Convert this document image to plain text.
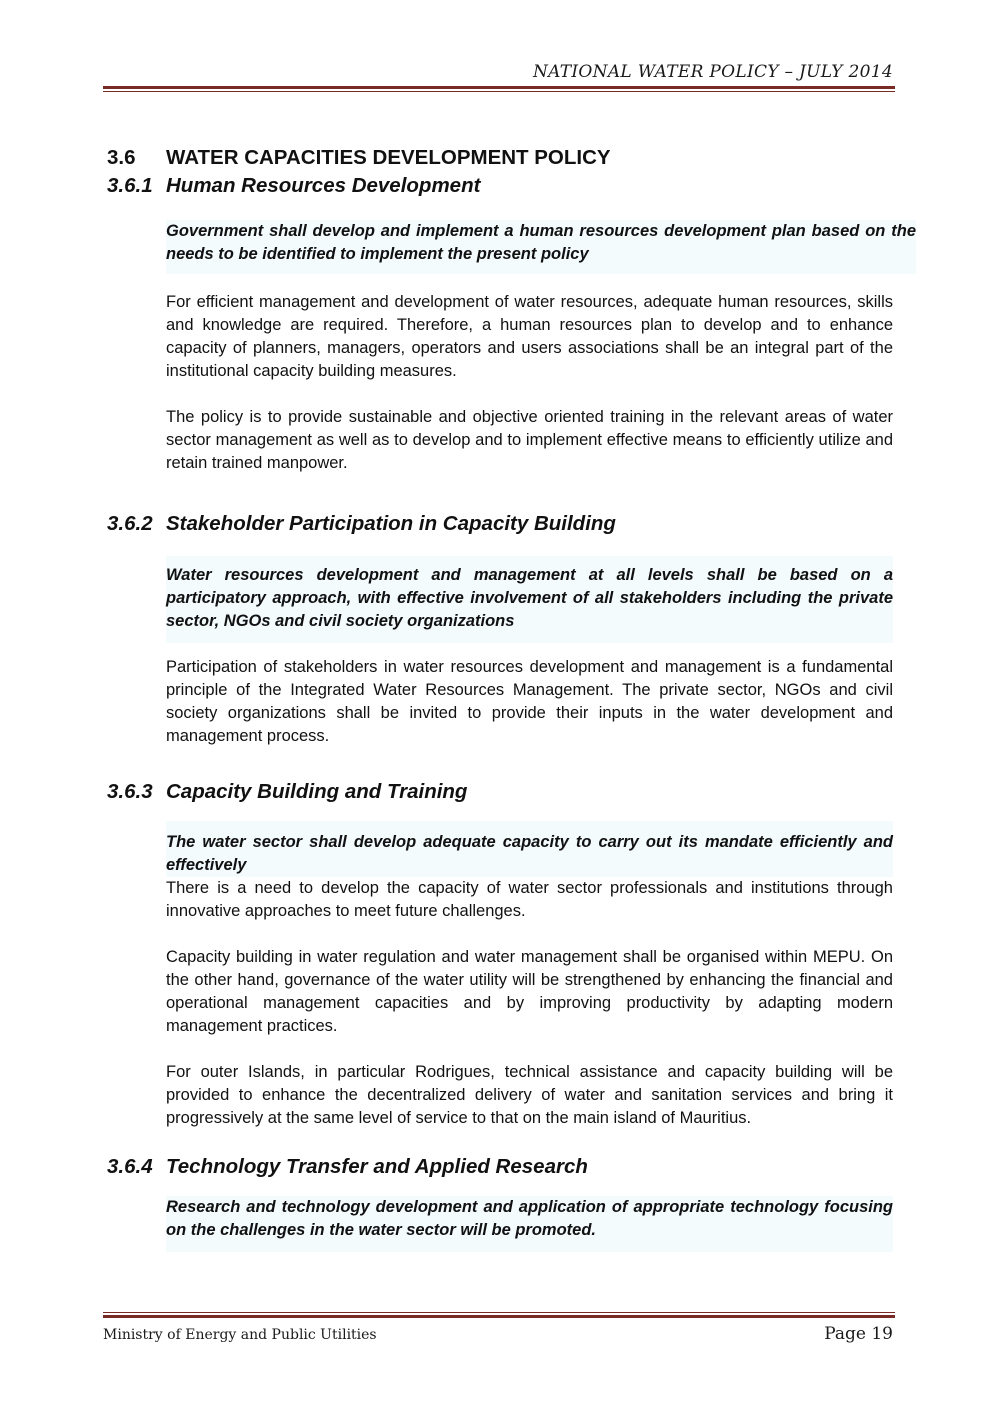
NATIONAL WATER POLICY – JULY 2014
3.6	WATER CAPACITIES DEVELOPMENT POLICY
3.6.1 Human Resources Development
Government shall develop and implement a human resources development plan based on the needs to be identified to implement the present policy

For efficient management and development of water resources, adequate human resources, skills and knowledge are required. Therefore, a human resources plan to develop and to enhance capacity of planners, managers, operators and users associations shall be an integral part of the institutional capacity building measures.

The policy is to provide sustainable and objective oriented training in the relevant areas of water sector management as well as to develop and to implement effective means to efficiently utilize and retain trained manpower.

3.6.2 Stakeholder Participation in Capacity Building
Water resources development and management at all levels shall be based on a participatory approach, with effective involvement of all stakeholders including the private sector, NGOs and civil society organizations

Participation of stakeholders in water resources development and management is a fundamental principle of the Integrated Water Resources Management. The private sector, NGOs and civil society organizations shall be invited to provide their inputs in the water development and management process.

3.6.3 Capacity Building and Training
The water sector shall develop adequate capacity to carry out its mandate efficiently and effectively

There is a need to develop the capacity of water sector professionals and institutions through innovative approaches to meet future challenges.

Capacity building in water regulation and water management shall be organised within MEPU. On the other hand, governance of the water utility will be strengthened by enhancing the financial and operational management capacities and by improving productivity by adapting modern management practices.

For outer Islands, in particular Rodrigues, technical assistance and capacity building will be provided to enhance the decentralized delivery of water and sanitation services and bring it progressively at the same level of service to that on the main island of Mauritius.

3.6.4 Technology Transfer and Applied Research
Research and technology development and application of appropriate technology focusing on the challenges in the water sector will be promoted.
Ministry of Energy and Public Utilities	Page 19
